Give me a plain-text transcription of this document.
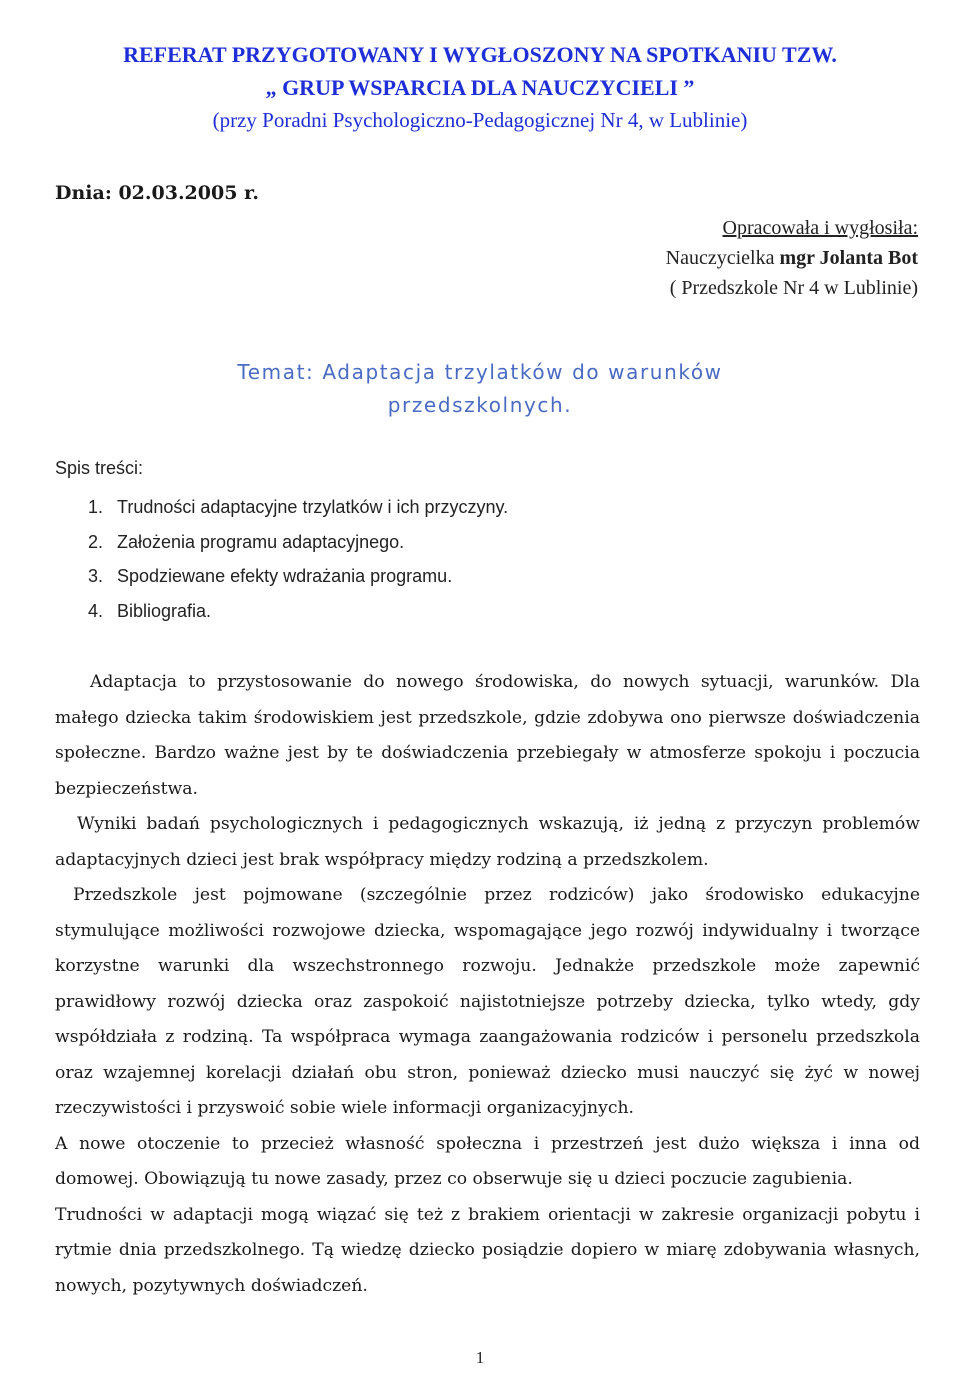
REFERAT PRZYGOTOWANY I WYGŁOSZONY NA SPOTKANIU TZW.
„ GRUP WSPARCIA DLA NAUCZYCIELI ”
(przy Poradni Psychologiczno-Pedagogicznej Nr 4, w Lublinie)
Dnia: 02.03.2005 r.
Opracowała i wygłosiła:
Nauczycielka mgr Jolanta Bot
( Przedszkole Nr 4 w Lublinie)
Temat: Adaptacja trzylatków do warunków
przedszkolnych.
Spis treści:
1. Trudności adaptacyjne trzylatków i ich przyczyny.
2. Założenia programu adaptacyjnego.
3. Spodziewane efekty wdrażania programu.
4. Bibliografia.

Adaptacja to przystosowanie do nowego środowiska, do nowych sytuacji, warunków. Dla małego dziecka takim środowiskiem jest przedszkole, gdzie zdobywa ono pierwsze doświadczenia społeczne. Bardzo ważne jest by te doświadczenia przebiegały w atmosferze spokoju i poczucia bezpieczeństwa.

Wyniki badań psychologicznych i pedagogicznych wskazują, iż jedną z przyczyn problemów adaptacyjnych dzieci jest brak współpracy między rodziną a przedszkolem.

Przedszkole jest pojmowane (szczególnie przez rodziców) jako środowisko edukacyjne stymulujące możliwości rozwojowe dziecka, wspomagające jego rozwój indywidualny i tworzące korzystne warunki dla wszechstronnego rozwoju. Jednakże przedszkole może zapewnić prawidłowy rozwój dziecka oraz zaspokoić najistotniejsze potrzeby dziecka, tylko wtedy, gdy współdziała z rodziną. Ta współpraca wymaga zaangażowania rodziców i personelu przedszkola oraz wzajemnej korelacji działań obu stron, ponieważ dziecko musi nauczyć się żyć w nowej rzeczywistości i przyswoić sobie wiele informacji organizacyjnych.

A nowe otoczenie to przecież własność społeczna i przestrzeń jest dużo większa i inna od domowej. Obowiązują tu nowe zasady, przez co obserwuje się u dzieci poczucie zagubienia.

Trudności w adaptacji mogą wiązać się też z brakiem orientacji w zakresie organizacji pobytu i rytmie dnia przedszkolnego. Tą wiedzę dziecko posiądzie dopiero w miarę zdobywania własnych, nowych, pozytywnych doświadczeń.

1
